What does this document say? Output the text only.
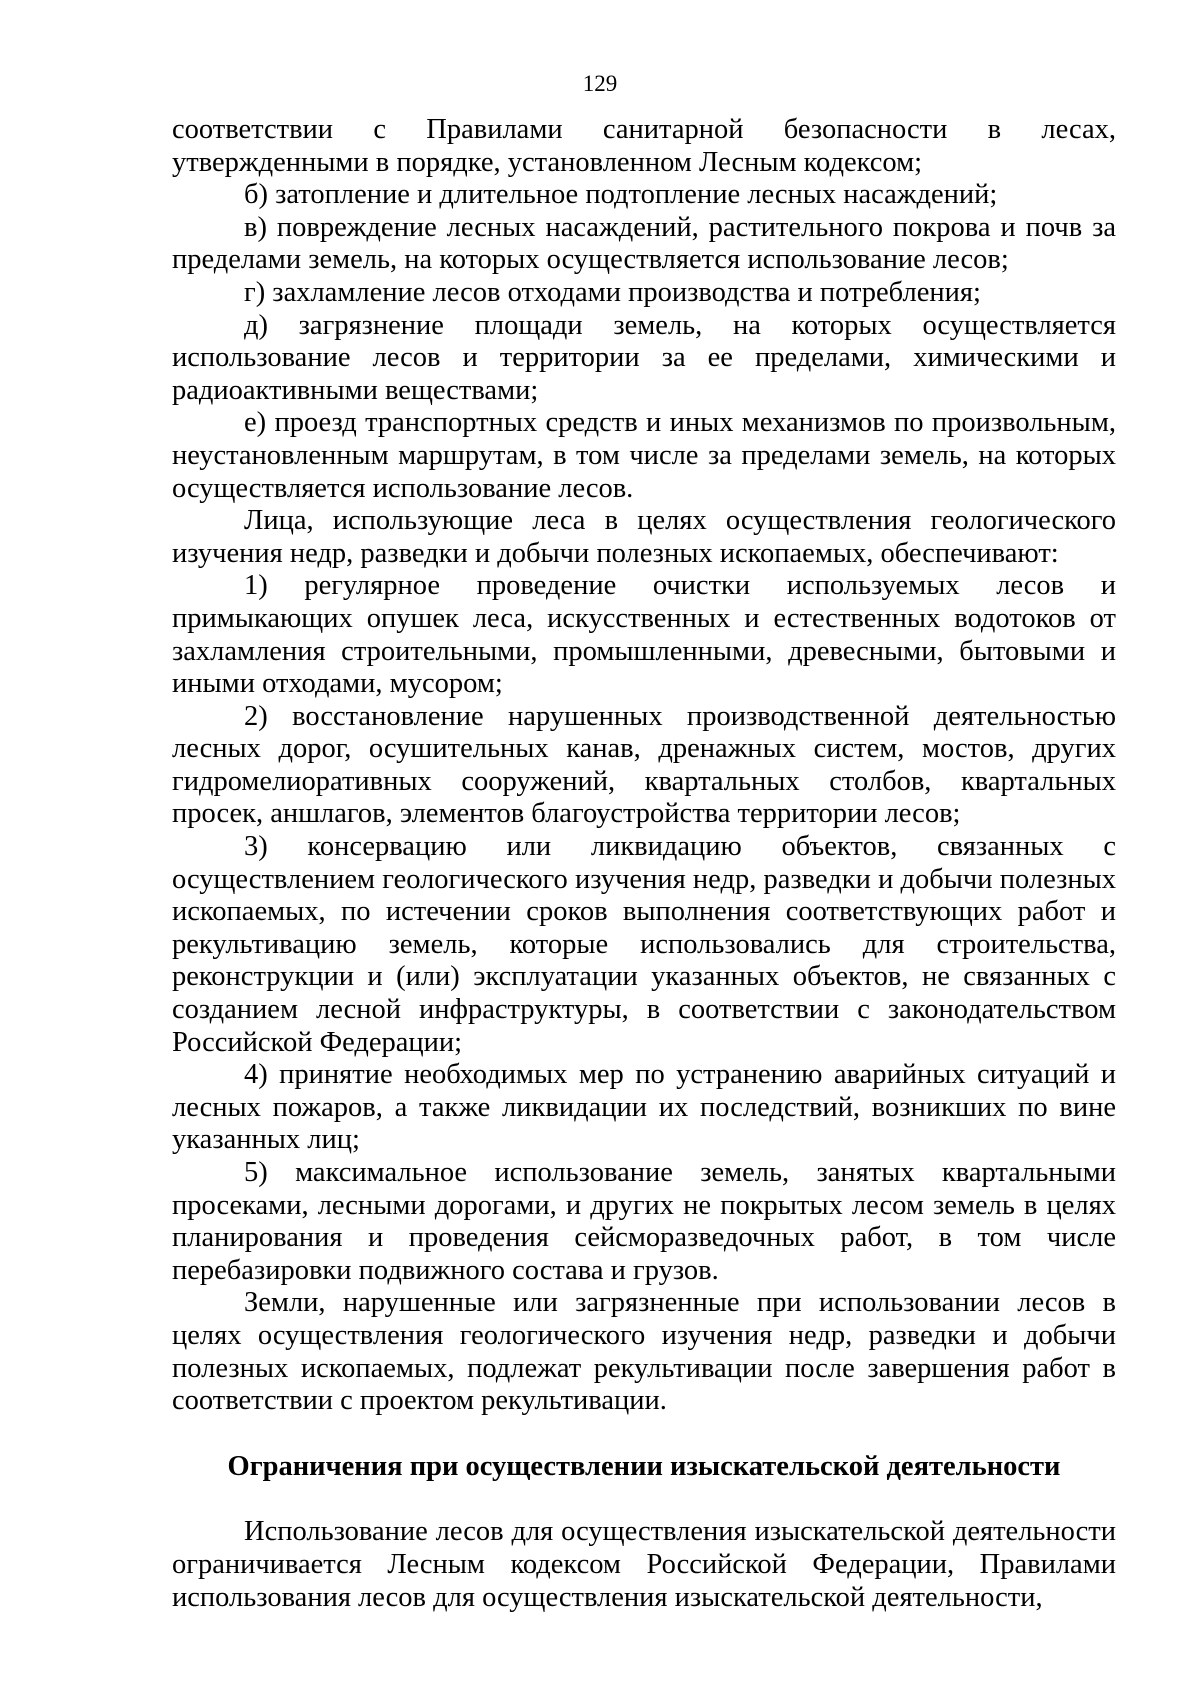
129

соответствии с Правилами санитарной безопасности в лесах, утвержденными в порядке, установленном Лесным кодексом;

б) затопление и длительное подтопление лесных насаждений;

в) повреждение лесных насаждений, растительного покрова и почв за пределами земель, на которых осуществляется использование лесов;

г) захламление лесов отходами производства и потребления;

д) загрязнение площади земель, на которых осуществляется использование лесов и территории за ее пределами, химическими и радиоактивными веществами;

е) проезд транспортных средств и иных механизмов по произвольным, неустановленным маршрутам, в том числе за пределами земель, на которых осуществляется использование лесов.

Лица, использующие леса в целях осуществления геологического изучения недр, разведки и добычи полезных ископаемых, обеспечивают:

1) регулярное проведение очистки используемых лесов и примыкающих опушек леса, искусственных и естественных водотоков от захламления строительными, промышленными, древесными, бытовыми и иными отходами, мусором;

2) восстановление нарушенных производственной деятельностью лесных дорог, осушительных канав, дренажных систем, мостов, других гидромелиоративных сооружений, квартальных столбов, квартальных просек, аншлагов, элементов благоустройства территории лесов;

3) консервацию или ликвидацию объектов, связанных с осуществлением геологического изучения недр, разведки и добычи полезных ископаемых, по истечении сроков выполнения соответствующих работ и рекультивацию земель, которые использовались для строительства, реконструкции и (или) эксплуатации указанных объектов, не связанных с созданием лесной инфраструктуры, в соответствии с законодательством Российской Федерации;

4) принятие необходимых мер по устранению аварийных ситуаций и лесных пожаров, а также ликвидации их последствий, возникших по вине указанных лиц;

5) максимальное использование земель, занятых квартальными просеками, лесными дорогами, и других не покрытых лесом земель в целях планирования и проведения сейсморазведочных работ, в том числе перебазировки подвижного состава и грузов.

Земли, нарушенные или загрязненные при использовании лесов в целях осуществления геологического изучения недр, разведки и добычи полезных ископаемых, подлежат рекультивации после завершения работ в соответствии с проектом рекультивации.

Ограничения при осуществлении изыскательской деятельности

Использование лесов для осуществления изыскательской деятельности ограничивается Лесным кодексом Российской Федерации, Правилами использования лесов для осуществления изыскательской деятельности,
